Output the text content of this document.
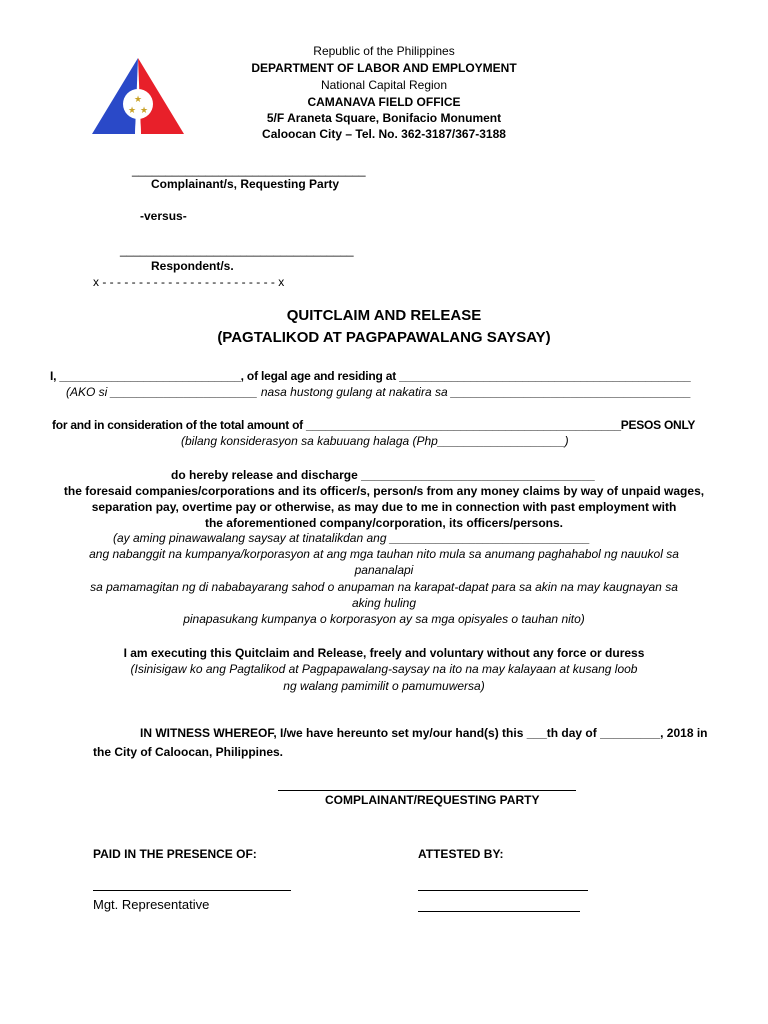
★
★ ★
Republic of the Philippines
DEPARTMENT OF LABOR AND EMPLOYMENT
National Capital Region
CAMANAVA FIELD OFFICE
5/F Araneta Square, Bonifacio Monument
Caloocan City – Tel. No. 362-3187/367-3188
___________________________________
Complainant/s, Requesting Party
-versus-
___________________________________
Respondent/s.
x - - - - - - - - - - - - - - - - - - - - - - - - x
QUITCLAIM AND RELEASE
(PAGTALIKOD AT PAGPAPAWALANG SAYSAY)
I, ____________________________, of legal age and residing at _____________________________________________
(AKO si ______________________ nasa hustong gulang at nakatira sa ____________________________________
for and in consideration of the total amount of _________________________________________________PESOS ONLY
(bilang konsiderasyon sa kabuuang halaga (Php___________________)
do hereby release and discharge ___________________________________
the foresaid companies/corporations and its officer/s, person/s from any money claims by way of unpaid wages,
separation pay, overtime pay or otherwise, as may due to me in connection with past employment with
the aforementioned company/corporation, its officers/persons.
(ay aming pinawawalang saysay at tinatalikdan ang ______________________________
ang nabanggit na kumpanya/korporasyon at ang mga tauhan nito mula sa anumang paghahabol ng nauukol sa
pananalapi
sa pamamagitan ng di nababayarang sahod o anupaman na karapat-dapat para sa akin na may kaugnayan sa
aking huling
pinapasukang kumpanya o korporasyon ay sa mga opisyales o tauhan nito)
I am executing this Quitclaim and Release, freely and voluntary without any force or duress
(Isinisigaw ko ang Pagtalikod at Pagpapawalang-saysay na ito na may kalayaan at kusang loob
ng walang pamimilit o pamumuwersa)
IN WITNESS WHEREOF, I/we have hereunto set my/our hand(s) this ___th day of _________, 2018 in
the City of Caloocan, Philippines.
COMPLAINANT/REQUESTING PARTY
PAID IN THE PRESENCE OF:	ATTESTED BY:
Mgt. Representative
